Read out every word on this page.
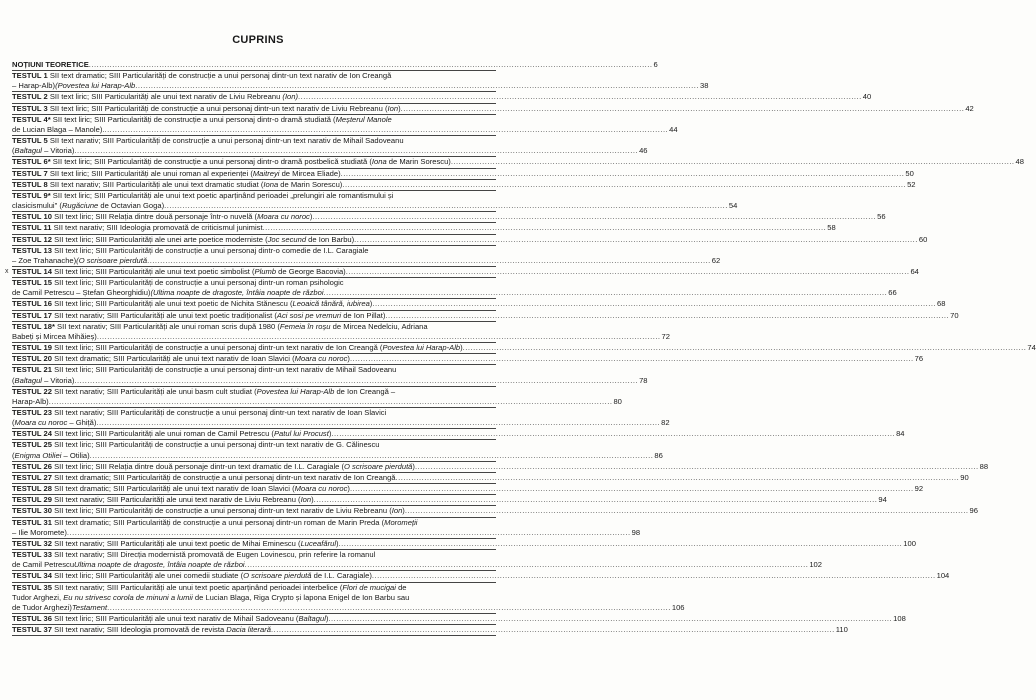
CUPRINS
NOȚIUNI TEORETICE .....	6
TESTUL 1 SII text dramatic; SIII Particularități de construcție a unui personaj dintr-un text narativ de Ion Creangă
– Harap-Alb)(Povestea lui Harap-Alb .....	38
TESTUL 2 SII text liric; SIII Particularități ale unui text narativ de Liviu Rebreanu (Ion) .....	40
TESTUL 3 SII text liric; SIII Particularități de construcție a unui personaj dintr-un text narativ de Liviu Rebreanu (Ion) .....	42
TESTUL 4* SII text liric; SIII Particularități de construcție a unui personaj dintr-o dramă studiată (Meșterul Manole
de Lucian Blaga – Manole). .....	44
TESTUL 5 SII text narativ; SIII Particularități de construcție a unui personaj dintr-un text narativ de Mihail Sadoveanu
(Baltagul – Vitoria) .....	46
TESTUL 6* SII text liric; SIII Particularități de construcție a unui personaj dintr-o dramă postbelică studiată (Iona de Marin Sorescu) .....	48
TESTUL 7 SII text liric; SIII Particularități ale unui roman al experienței (Maitreyi de Mircea Eliade) .....	50
TESTUL 8 SII text narativ; SIII Particularități ale unui text dramatic studiat (Iona de Marin Sorescu) .....	52
TESTUL 9* SII text liric; SIII Particularități ale unui text poetic aparținând perioadei „prelungiri ale romantismului și
clasicismului" (Rugăciune de Octavian Goga) .....	54
TESTUL 10 SII text liric; SIII Relația dintre două personaje într-o nuvelă (Moara cu noroc) .....	56
TESTUL 11 SII text narativ; SIII Ideologia promovată de criticismul junimist .....	58
TESTUL 12 SII text liric; SIII Particularități ale unei arte poetice moderniste (Joc secund de Ion Barbu) .....	60
TESTUL 13 SII text liric; SIII Particularități de construcție a unui personaj dintr-o comedie de I.L. Caragiale
– Zoe Trahanache)(O scrisoare pierdută .....	62
x TESTUL 14 SII text liric; SIII Particularități ale unui text poetic simbolist (Plumb de George Bacovia) .....	64
TESTUL 15 SII text liric; SIII Particularități de construcție a unui personaj dintr-un roman psihologic
de Camil Petrescu – Ștefan Gheorghidiu)(Ultima noapte de dragoste, întâia noapte de război .....	66
TESTUL 16 SII text liric; SIII Particularități ale unui text poetic de Nichita Stănescu (Leoaică tânără, iubirea) .....	68
TESTUL 17 SII text narativ; SIII Particularități ale unui text poetic tradiționalist (Aci sosi pe vremuri de Ion Pillat) .....	70
TESTUL 18* SII text narativ; SIII Particularități ale unui roman scris după 1980 (Femeia în roșu de Mircea Nedelciu, Adriana
Babeți și Mircea Mihăieș) .....	72
TESTUL 19 SII text liric; SIII Particularități de construcție a unui personaj dintr-un text narativ de Ion Creangă (Povestea lui Harap-Alb) .....	74
TESTUL 20 SII text dramatic; SIII Particularități ale unui text narativ de Ioan Slavici (Moara cu noroc) .....	76
TESTUL 21 SII text liric; SIII Particularități de construcție a unui personaj dintr-un text narativ de Mihail Sadoveanu
(Baltagul – Vitoria) .....	78
TESTUL 22 SII text narativ; SIII Particularități ale unui basm cult studiat (Povestea lui Harap-Alb de Ion Creangă –
Harap-Alb) .....	80
TESTUL 23 SII text narativ; SIII Particularități de construcție a unui personaj dintr-un text narativ de Ioan Slavici
(Moara cu noroc – Ghiță) .....	82
TESTUL 24 SII text liric; SIII Particularități ale unui roman de Camil Petrescu (Patul lui Procust) .....	84
TESTUL 25 SII text liric; SIII Particularități de construcție a unui personaj dintr-un text narativ de G. Călinescu
(Enigma Otiliei – Otilia) .....	86
TESTUL 26 SII text liric; SIII Relația dintre două personaje dintr-un text dramatic de I.L. Caragiale (O scrisoare pierdută) .....	88
TESTUL 27 SII text dramatic; SIII Particularități de construcție a unui personaj dintr-un text narativ de Ion Creangă .....	90
TESTUL 28 SII text dramatic; SIII Particularități ale unui text narativ de Ioan Slavici (Moara cu noroc) .....	92
TESTUL 29 SII text narativ; SIII Particularități ale unui text narativ de Liviu Rebreanu (Ion) .....	94
TESTUL 30 SII text liric; SIII Particularități de construcție a unui personaj dintr-un text narativ de Liviu Rebreanu (Ion) .....	96
TESTUL 31 SII text dramatic; SIII Particularități de construcție a unui personaj dintr-un roman de Marin Preda (Moromeții
– Ilie Moromete) .....	98
TESTUL 32 SII text narativ; SIII Particularități ale unui text poetic de Mihai Eminescu (Luceafărul) .....	100
TESTUL 33 SII text narativ; SIII Direcția modernistă promovată de Eugen Lovinescu, prin referire la romanul
de Camil PetrescuUltima noapte de dragoste, întâia noapte de război .....	102
TESTUL 34 SII text liric; SIII Particularități ale unei comedii studiate (O scrisoare pierdută de I.L. Caragiale) .....	104
TESTUL 35 SII text narativ; SIII Particularități ale unui text poetic aparținând perioadei interbelice (Flori de mucigai de
Tudor Arghezi, Eu nu strivesc corola de minuni a lumii de Lucian Blaga, Riga Crypto și lapona Enigel de Ion Barbu sau
de Tudor Arghezi)Testament .....	106
TESTUL 36 SII text liric; SIII Particularități ale unui text narativ de Mihail Sadoveanu (Baltagul) .....	108
TESTUL 37 SII text narativ; SIII Ideologia promovată de revista Dacia literară .....	110
